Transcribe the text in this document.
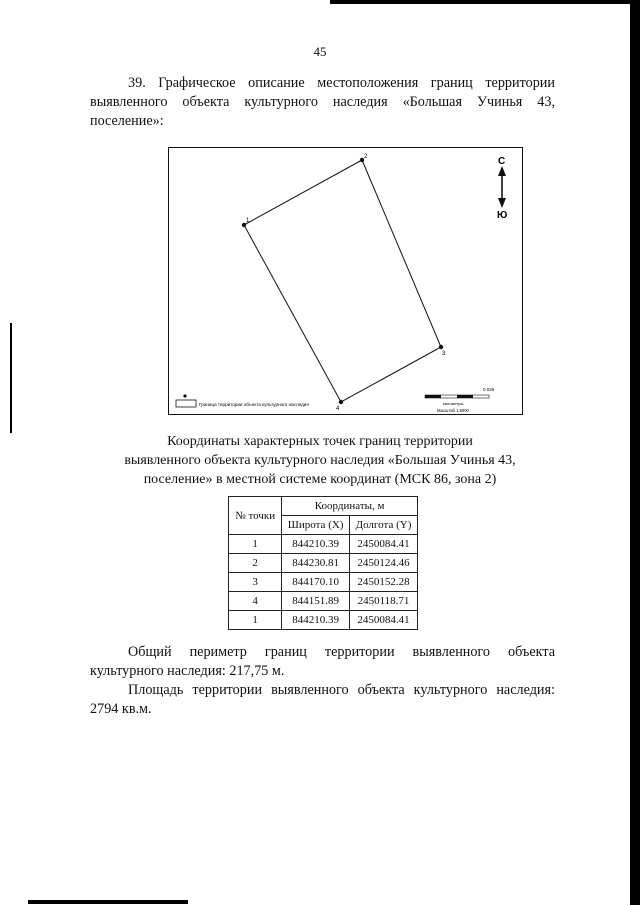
45
39. Графическое описание местоположения границ территории
выявленного объекта культурного наследия «Большая Учинья 43,
поселение»:
1
2
3
4
С
Ю
Граница территории объекта культурного наследия
0.025
километры
Масштаб 1:6000
Координаты характерных точек границ территории
выявленного объекта культурного наследия «Большая Учинья 43,
поселение» в местной системе координат (МСК 86, зона 2)
№ точки	Координаты, м	
	Широта (X)	Долгота (Y)
1	844210.39	2450084.41
2	844230.81	2450124.46
3	844170.10	2450152.28
4	844151.89	2450118.71
1	844210.39	2450084.41
Общий периметр границ территории выявленного объекта
культурного наследия: 217,75 м.
Площадь территории выявленного объекта культурного наследия:
2794 кв.м.
